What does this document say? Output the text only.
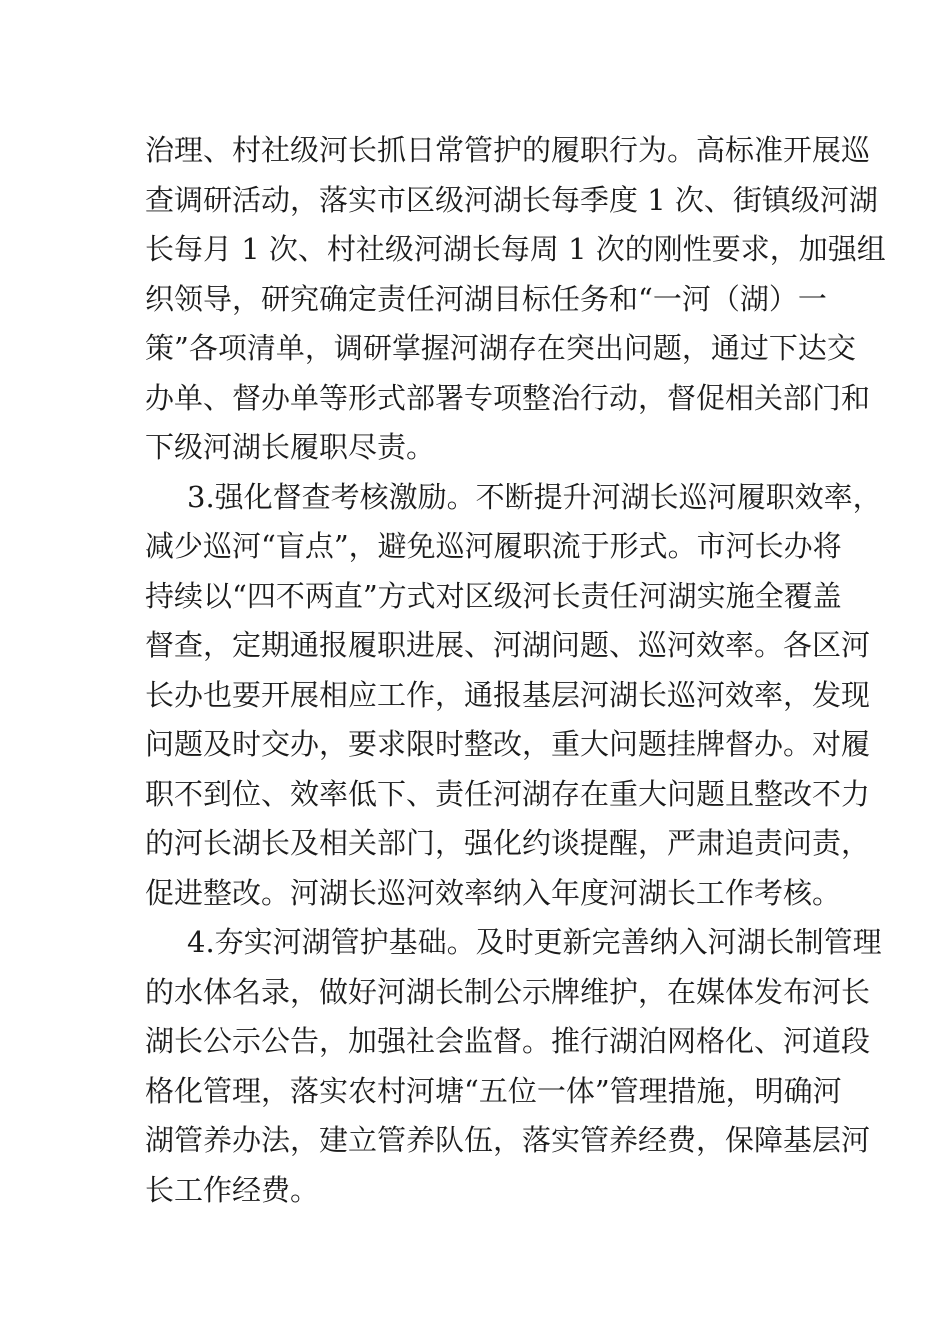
治理、村社级河长抓日常管护的履职行为。高标准开展巡
查调研活动，落实市区级河湖长每季度 1 次、街镇级河湖
长每月 1 次、村社级河湖长每周 1 次的刚性要求，加强组
织领导，研究确定责任河湖目标任务和“一河（湖）一
策”各项清单，调研掌握河湖存在突出问题，通过下达交
办单、督办单等形式部署专项整治行动，督促相关部门和
下级河湖长履职尽责。
3.强化督查考核激励。不断提升河湖长巡河履职效率，
减少巡河“盲点”，避免巡河履职流于形式。市河长办将
持续以“四不两直”方式对区级河长责任河湖实施全覆盖
督查，定期通报履职进展、河湖问题、巡河效率。各区河
长办也要开展相应工作，通报基层河湖长巡河效率，发现
问题及时交办，要求限时整改，重大问题挂牌督办。对履
职不到位、效率低下、责任河湖存在重大问题且整改不力
的河长湖长及相关部门，强化约谈提醒，严肃追责问责，
促进整改。河湖长巡河效率纳入年度河湖长工作考核。
4.夯实河湖管护基础。及时更新完善纳入河湖长制管理
的水体名录，做好河湖长制公示牌维护，在媒体发布河长
湖长公示公告，加强社会监督。推行湖泊网格化、河道段
格化管理，落实农村河塘“五位一体”管理措施，明确河
湖管养办法，建立管养队伍，落实管养经费，保障基层河
长工作经费。
